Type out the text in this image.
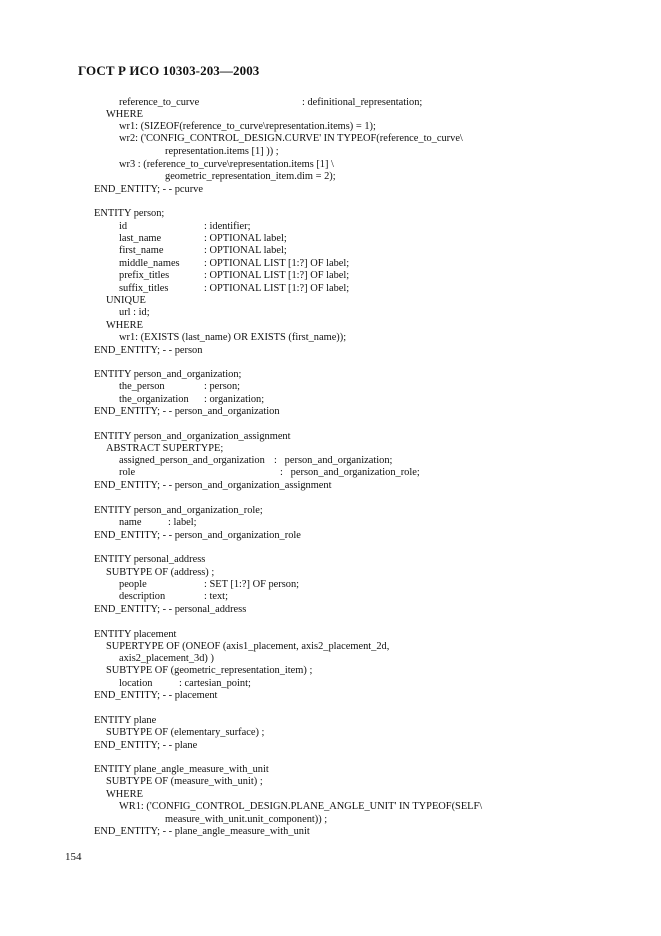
ГОСТ Р ИСО 10303-203—2003
reference_to_curve	: definitional_representation;
WHERE
wr1: (SIZEOF(reference_to_curve\representation.items) = 1);
wr2: ('CONFIG_CONTROL_DESIGN.CURVE' IN TYPEOF(reference_to_curve\
representation.items [1] )) ;
wr3 : (reference_to_curve\representation.items [1] \
geometric_representation_item.dim = 2);
END_ENTITY; - - pcurve
ENTITY person;
id	: identifier;
last_name	: OPTIONAL label;
first_name	: OPTIONAL label;
middle_names : OPTIONAL LIST [1:?] OF label;
prefix_titles	: OPTIONAL LIST [1:?] OF label;
suffix_titles	: OPTIONAL LIST [1:?] OF label;
UNIQUE
url : id;
WHERE
wr1: (EXISTS (last_name) OR EXISTS (first_name));
END_ENTITY; - - person
ENTITY person_and_organization;
the_person	: person;
the_organization : organization;
END_ENTITY; - - person_and_organization
ENTITY person_and_organization_assignment
ABSTRACT SUPERTYPE;
assigned_person_and_organization :   person_and_organization;
role	:   person_and_organization_role;
END_ENTITY; - - person_and_organization_assignment
ENTITY person_and_organization_role;
name	: label;
END_ENTITY; - - person_and_organization_role
ENTITY personal_address
SUBTYPE OF (address) ;
people	: SET [1:?] OF person;
description	: text;
END_ENTITY; - - personal_address
ENTITY placement
SUPERTYPE OF (ONEOF (axis1_placement, axis2_placement_2d,
axis2_placement_3d) )
SUBTYPE OF (geometric_representation_item) ;
location	: cartesian_point;
END_ENTITY; - - placement
ENTITY plane
SUBTYPE OF (elementary_surface) ;
END_ENTITY; - - plane
ENTITY plane_angle_measure_with_unit
SUBTYPE OF (measure_with_unit) ;
WHERE
WR1: ('CONFIG_CONTROL_DESIGN.PLANE_ANGLE_UNIT' IN TYPEOF(SELF\
measure_with_unit.unit_component)) ;
END_ENTITY; - - plane_angle_measure_with_unit
154
